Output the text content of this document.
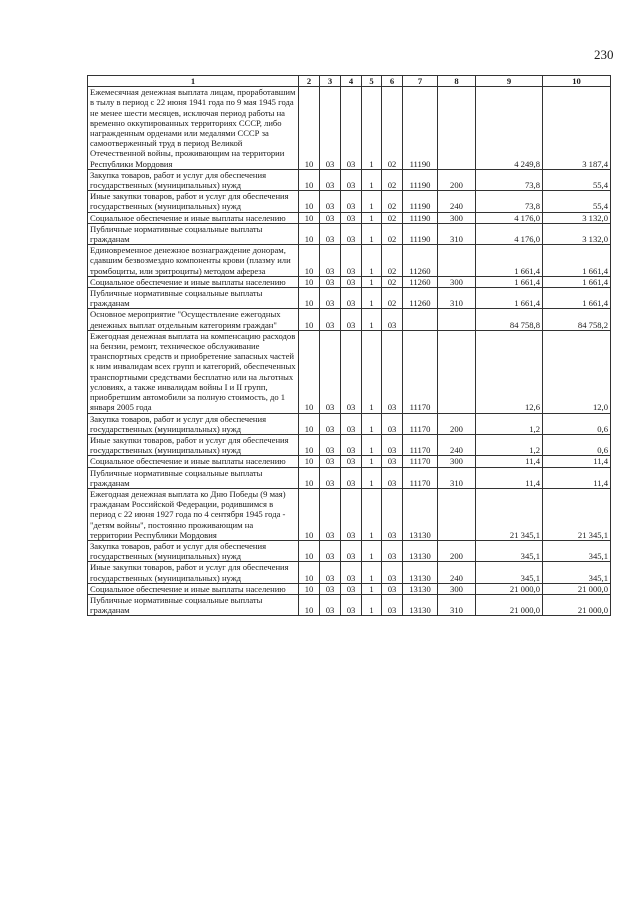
230
1	2	3	4	5	6	7	8	9	10
Ежемесячная денежная выплата лицам, проработавшим в тылу в период с 22 июня 1941 года по 9 мая 1945 года не менее шести месяцев, исключая период работы на временно оккупированных территориях СССР, либо награжденным орденами или медалями СССР за самоотверженный труд в период Великой Отечественной войны, проживающим на территории Республики Мордовия	10	03	03	1	02	11190		4 249,8	3 187,4
Закупка товаров, работ и услуг для обеспечения государственных (муниципальных) нужд	10	03	03	1	02	11190	200	73,8	55,4
Иные закупки товаров, работ и услуг для обеспечения государственных (муниципальных) нужд	10	03	03	1	02	11190	240	73,8	55,4
Социальное обеспечение и иные выплаты населению	10	03	03	1	02	11190	300	4 176,0	3 132,0
Публичные нормативные социальные выплаты гражданам	10	03	03	1	02	11190	310	4 176,0	3 132,0
Единовременное денежное вознаграждение донорам, сдавшим безвозмездно компоненты крови (плазму или тромбоциты, или эритроциты) методом афереза	10	03	03	1	02	11260		1 661,4	1 661,4
Социальное обеспечение и иные выплаты населению	10	03	03	1	02	11260	300	1 661,4	1 661,4
Публичные нормативные социальные выплаты гражданам	10	03	03	1	02	11260	310	1 661,4	1 661,4
Основное мероприятие "Осуществление ежегодных денежных выплат отдельным категориям граждан"	10	03	03	1	03			84 758,8	84 758,2
Ежегодная денежная выплата на компенсацию расходов на бензин, ремонт, техническое обслуживание транспортных средств и приобретение запасных частей к ним инвалидам всех групп и категорий, обеспеченных транспортными средствами бесплатно или на льготных условиях, а также инвалидам войны I и II групп, приобретшим автомобили за полную стоимость, до 1 января 2005 года	10	03	03	1	03	11170		12,6	12,0
Закупка товаров, работ и услуг для обеспечения государственных (муниципальных) нужд	10	03	03	1	03	11170	200	1,2	0,6
Иные закупки товаров, работ и услуг для обеспечения государственных (муниципальных) нужд	10	03	03	1	03	11170	240	1,2	0,6
Социальное обеспечение и иные выплаты населению	10	03	03	1	03	11170	300	11,4	11,4
Публичные нормативные социальные выплаты гражданам	10	03	03	1	03	11170	310	11,4	11,4
Ежегодная денежная выплата ко Дню Победы (9 мая) гражданам Российской Федерации, родившимся в период с 22 июня 1927 года по 4 сентября 1945 года - "детям войны", постоянно проживающим на территории Республики Мордовия	10	03	03	1	03	13130		21 345,1	21 345,1
Закупка товаров, работ и услуг для обеспечения государственных (муниципальных) нужд	10	03	03	1	03	13130	200	345,1	345,1
Иные закупки товаров, работ и услуг для обеспечения государственных (муниципальных) нужд	10	03	03	1	03	13130	240	345,1	345,1
Социальное обеспечение и иные выплаты населению	10	03	03	1	03	13130	300	21 000,0	21 000,0
Публичные нормативные социальные выплаты гражданам	10	03	03	1	03	13130	310	21 000,0	21 000,0
